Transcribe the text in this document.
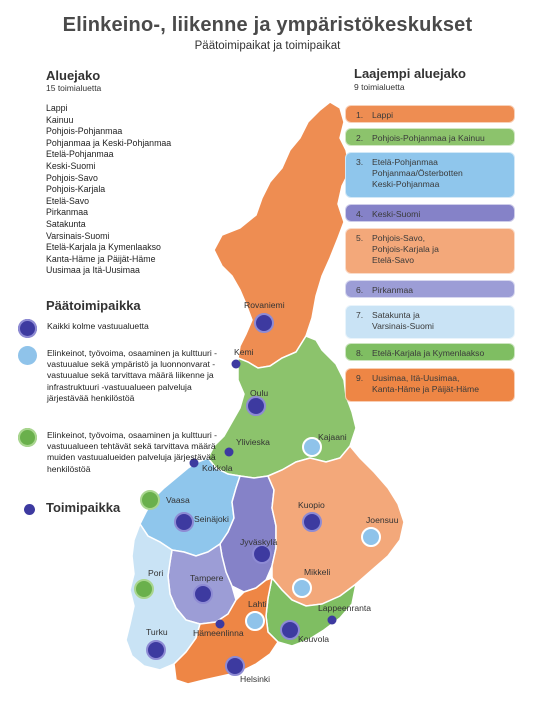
Rovaniemi
Kemi
Oulu
Ylivieska	Kajaani
Kokkola
Vaasa
Seinäjoki
Kuopio
Joensuu
Jyväskylä
Pori	Tampere
Mikkeli
Lahti	Lappeenranta
Hämeenlinna
Kouvola
Turku
Helsinki
Elinkeino-, liikenne ja ympäristökeskukset
Päätoimipaikat ja toimipaikat
Aluejako
15 toimialuetta
Lappi
Kainuu
Pohjois-Pohjanmaa
Pohjanmaa ja Keski-Pohjanmaa
Etelä-Pohjanmaa
Keski-Suomi
Pohjois-Savo
Pohjois-Karjala
Etelä-Savo
Pirkanmaa
Satakunta
Varsinais-Suomi
Etelä-Karjala ja Kymenlaakso
Kanta-Häme ja Päijät-Häme
Uusimaa ja Itä-Uusimaa
Päätoimipaikka
Kaikki kolme vastuualuetta
Elinkeinot, työvoima, osaaminen ja kulttuuri -vastuualue sekä ympäristö ja luonnonvarat -vastuualue sekä tarvittava määrä liikenne ja infrastruktuuri -vastuualueen palveluja järjestävää henkilöstöä
Elinkeinot, työvoima, osaaminen ja kulttuuri -vastuualueen tehtävät sekä tarvittava määrä muiden vastuualueiden palveluja järjestävää henkilöstöä
Toimipaikka
Laajempi aluejako
9 toimialuetta
1. Lappi
2. Pohjois-Pohjanmaa ja Kainuu
3. Etelä-Pohjanmaa
Pohjanmaa/Österbotten
Keski-Pohjanmaa
4. Keski-Suomi
5. Pohjois-Savo,
Pohjois-Karjala ja
Etelä-Savo
6. Pirkanmaa
7. Satakunta ja
Varsinais-Suomi
8. Etelä-Karjala ja Kymenlaakso
9. Uusimaa, Itä-Uusimaa,
Kanta-Häme ja Päijät-Häme
